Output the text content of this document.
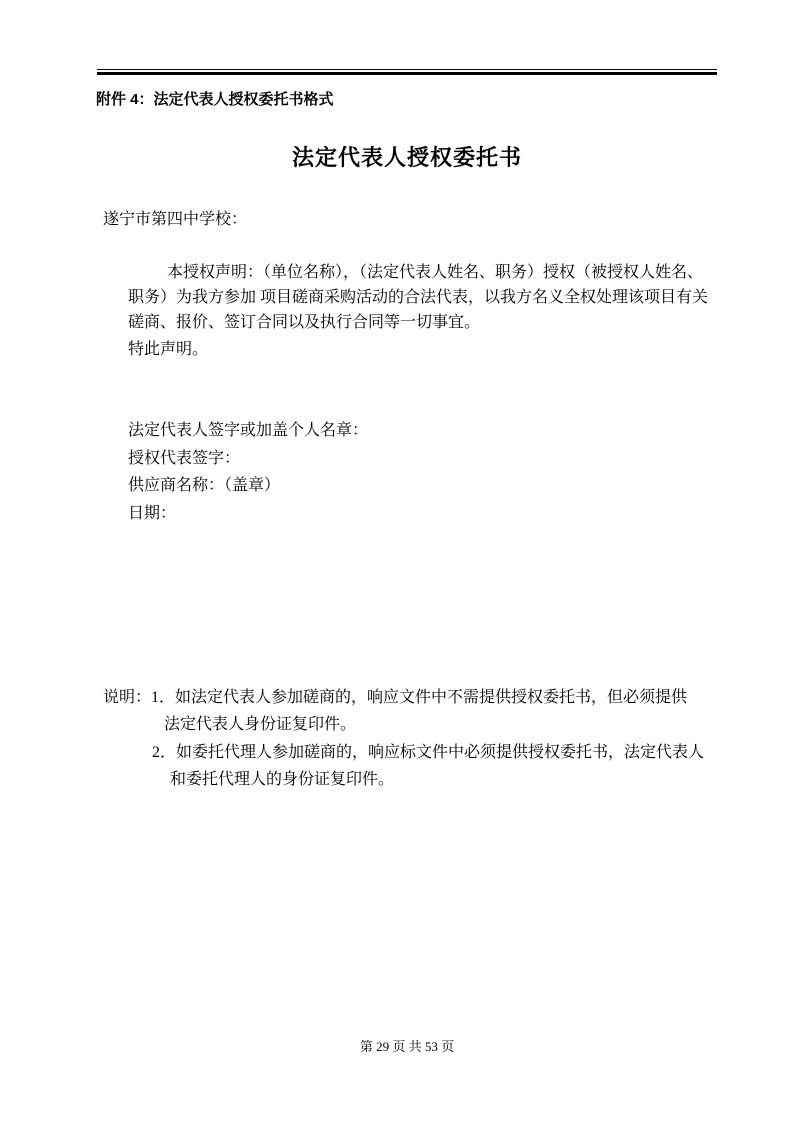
附件 4：法定代表人授权委托书格式
法定代表人授权委托书
遂宁市第四中学校：
本授权声明：（单位名称），（法定代表人姓名、职务）授权（被授权人姓名、
职务）为我方参加 项目磋商采购活动的合法代表，以我方名义全权处理该项目有关
磋商、报价、签订合同以及执行合同等一切事宜。
特此声明。
法定代表人签字或加盖个人名章：
授权代表签字：
供应商名称：（盖章）
日期：
说明：1．如法定代表人参加磋商的，响应文件中不需提供授权委托书，但必须提供
法定代表人身份证复印件。
2．如委托代理人参加磋商的，响应标文件中必须提供授权委托书，法定代表人
和委托代理人的身份证复印件。
第 29 页 共 53 页
